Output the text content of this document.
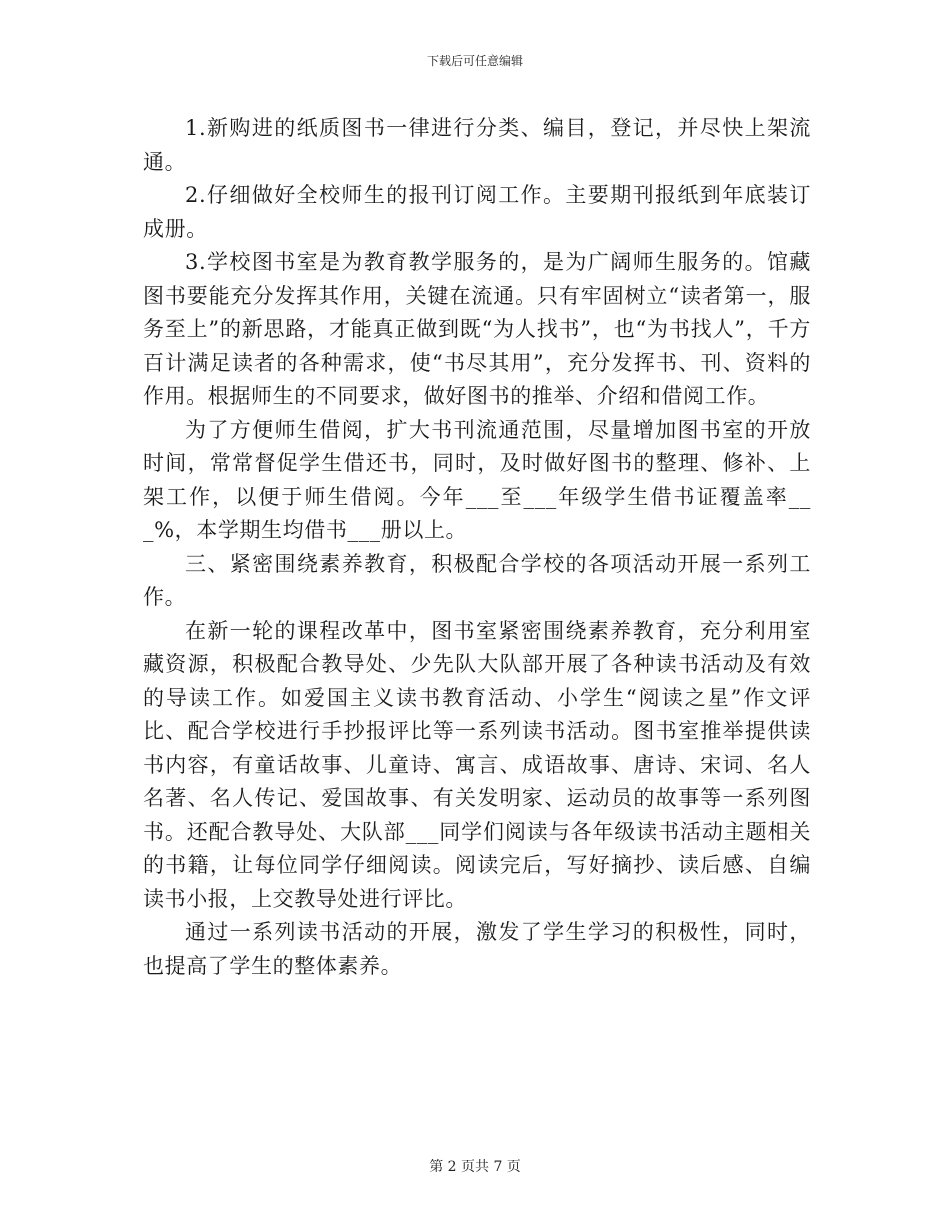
下载后可任意编辑

1.新购进的纸质图书一律进行分类、编目，登记，并尽快上架流通。

2.仔细做好全校师生的报刊订阅工作。主要期刊报纸到年底装订成册。

3.学校图书室是为教育教学服务的，是为广阔师生服务的。馆藏图书要能充分发挥其作用，关键在流通。只有牢固树立“读者第一，服务至上”的新思路，才能真正做到既“为人找书”，也“为书找人”，千方百计满足读者的各种需求，使“书尽其用”，充分发挥书、刊、资料的作用。根据师生的不同要求，做好图书的推举、介绍和借阅工作。

为了方便师生借阅，扩大书刊流通范围，尽量增加图书室的开放时间，常常督促学生借还书，同时，及时做好图书的整理、修补、上架工作，以便于师生借阅。今年___至___年级学生借书证覆盖率___%，本学期生均借书___册以上。

三、紧密围绕素养教育，积极配合学校的各项活动开展一系列工作。

在新一轮的课程改革中，图书室紧密围绕素养教育，充分利用室藏资源，积极配合教导处、少先队大队部开展了各种读书活动及有效的导读工作。如爱国主义读书教育活动、小学生“阅读之星”作文评比、配合学校进行手抄报评比等一系列读书活动。图书室推举提供读书内容，有童话故事、儿童诗、寓言、成语故事、唐诗、宋词、名人名著、名人传记、爱国故事、有关发明家、运动员的故事等一系列图书。还配合教导处、大队部___同学们阅读与各年级读书活动主题相关的书籍，让每位同学仔细阅读。阅读完后，写好摘抄、读后感、自编读书小报，上交教导处进行评比。

通过一系列读书活动的开展，激发了学生学习的积极性，同时，也提高了学生的整体素养。

第 2 页共 7 页
